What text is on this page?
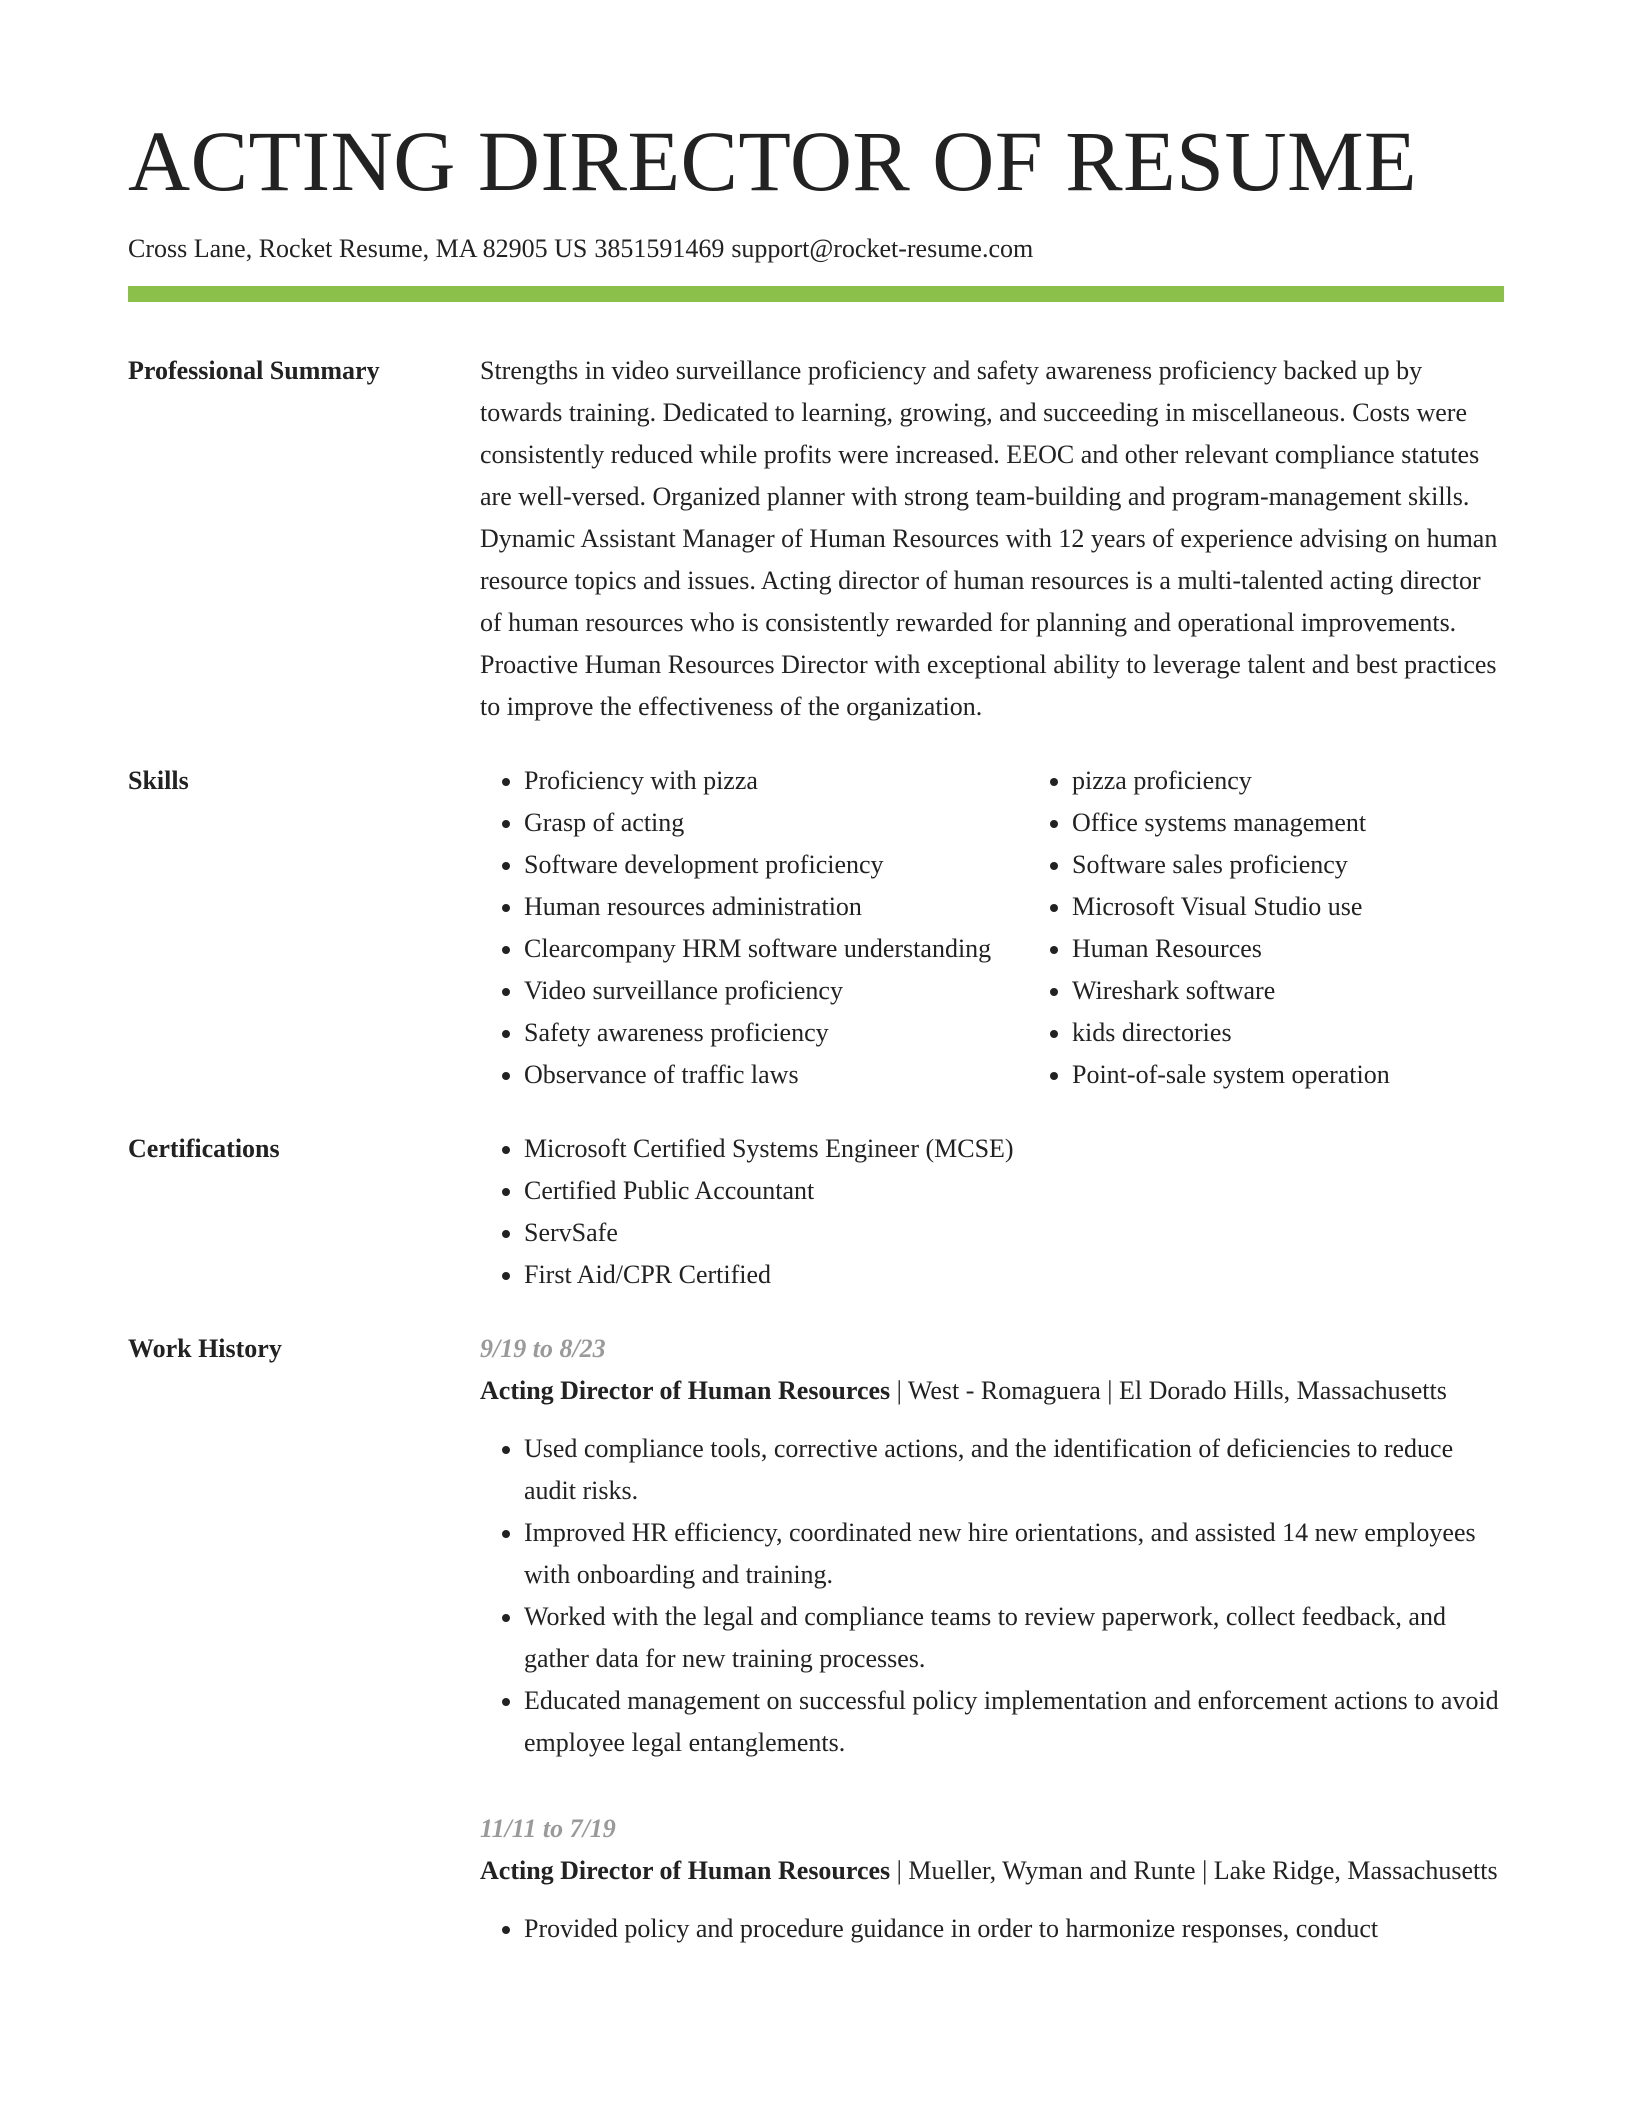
ACTING DIRECTOR OF RESUME
Cross Lane, Rocket Resume, MA 82905 US 3851591469 support@rocket-resume.com
Professional Summary	Strengths in video surveillance proficiency and safety awareness proficiency backed up by towards training. Dedicated to learning, growing, and succeeding in miscellaneous. Costs were consistently reduced while profits were increased. EEOC and other relevant compliance statutes are well-versed. Organized planner with strong team-building and program-management skills. Dynamic Assistant Manager of Human Resources with 12 years of experience advising on human resource topics and issues. Acting director of human resources is a multi-talented acting director of human resources who is consistently rewarded for planning and operational improvements. Proactive Human Resources Director with exceptional ability to leverage talent and best practices to improve the effectiveness of the organization.

Skills	• Proficiency with pizza
• Grasp of acting
• Software development proficiency
• Human resources administration
• Clearcompany HRM software understanding
• Video surveillance proficiency
• Safety awareness proficiency
• Observance of traffic laws
• pizza proficiency
• Office systems management
• Software sales proficiency
• Microsoft Visual Studio use
• Human Resources
• Wireshark software
• kids directories
• Point-of-sale system operation
Certifications	• Microsoft Certified Systems Engineer (MCSE)
• Certified Public Accountant
• ServSafe
• First Aid/CPR Certified
Work History	9/19 to 8/23
Acting Director of Human Resources | West - Romaguera | El Dorado Hills, Massachusetts
• Used compliance tools, corrective actions, and the identification of deficiencies to reduce audit risks.
• Improved HR efficiency, coordinated new hire orientations, and assisted 14 new employees with onboarding and training.
• Worked with the legal and compliance teams to review paperwork, collect feedback, and gather data for new training processes.
• Educated management on successful policy implementation and enforcement actions to avoid employee legal entanglements.
11/11 to 7/19
Acting Director of Human Resources | Mueller, Wyman and Runte | Lake Ridge, Massachusetts
• Provided policy and procedure guidance in order to harmonize responses, conduct
